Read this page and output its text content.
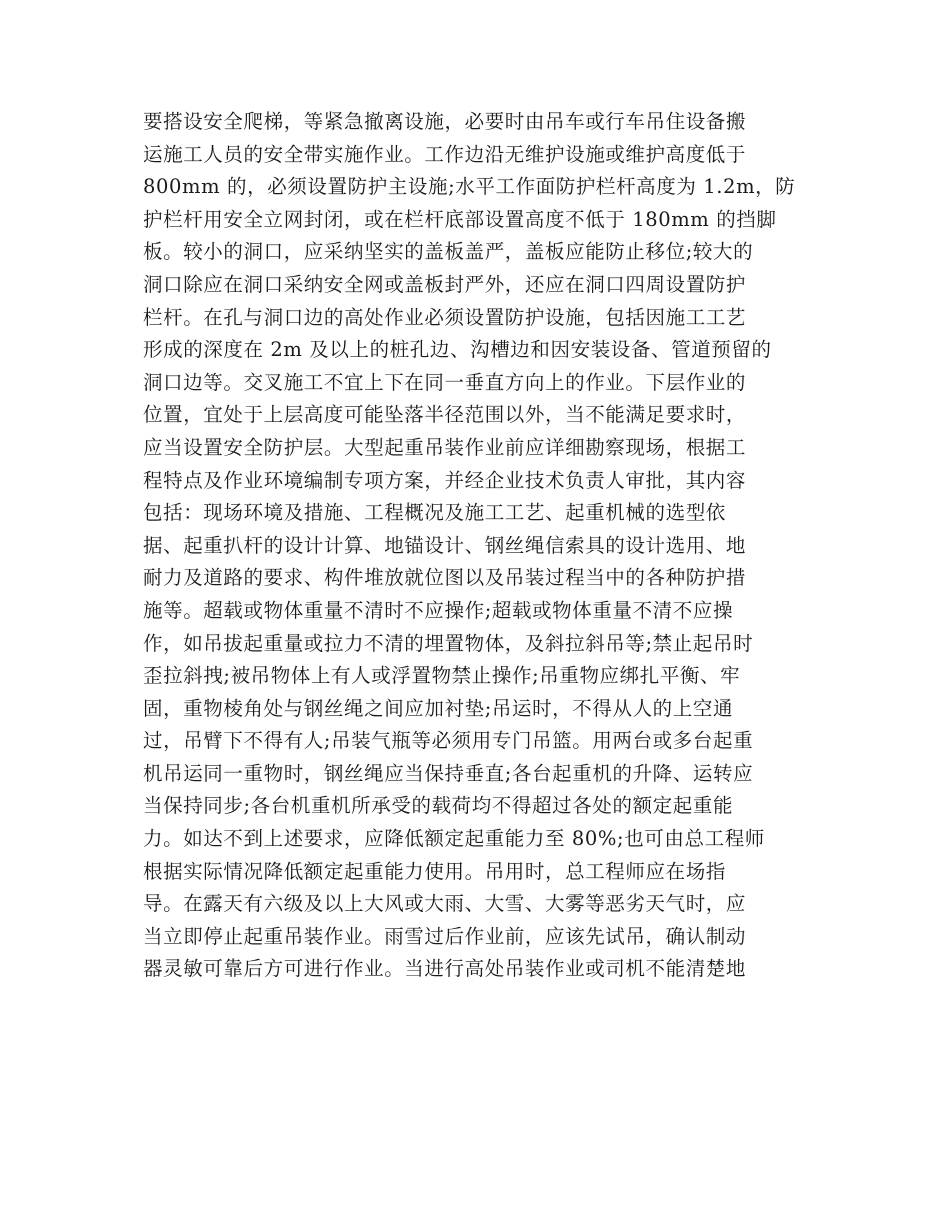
要搭设安全爬梯，等紧急撤离设施，必要时由吊车或行车吊住设备搬
运施工人员的安全带实施作业。工作边沿无维护设施或维护高度低于
800mm 的，必须设置防护主设施;水平工作面防护栏杆高度为 1.2m，防
护栏杆用安全立网封闭，或在栏杆底部设置高度不低于 180mm 的挡脚
板。较小的洞口，应采纳坚实的盖板盖严，盖板应能防止移位;较大的
洞口除应在洞口采纳安全网或盖板封严外，还应在洞口四周设置防护
栏杆。在孔与洞口边的高处作业必须设置防护设施，包括因施工工艺
形成的深度在 2m 及以上的桩孔边、沟槽边和因安装设备、管道预留的
洞口边等。交叉施工不宜上下在同一垂直方向上的作业。下层作业的
位置，宜处于上层高度可能坠落半径范围以外，当不能满足要求时，
应当设置安全防护层。大型起重吊装作业前应详细勘察现场，根据工
程特点及作业环境编制专项方案，并经企业技术负责人审批，其内容
包括：现场环境及措施、工程概况及施工工艺、起重机械的选型依
据、起重扒杆的设计计算、地锚设计、钢丝绳信索具的设计选用、地
耐力及道路的要求、构件堆放就位图以及吊装过程当中的各种防护措
施等。超载或物体重量不清时不应操作;超载或物体重量不清不应操
作，如吊拔起重量或拉力不清的埋置物体，及斜拉斜吊等;禁止起吊时
歪拉斜拽;被吊物体上有人或浮置物禁止操作;吊重物应绑扎平衡、牢
固，重物棱角处与钢丝绳之间应加衬垫;吊运时，不得从人的上空通
过，吊臂下不得有人;吊装气瓶等必须用专门吊篮。用两台或多台起重
机吊运同一重物时，钢丝绳应当保持垂直;各台起重机的升降、运转应
当保持同步;各台机重机所承受的载荷均不得超过各处的额定起重能
力。如达不到上述要求，应降低额定起重能力至 80%;也可由总工程师
根据实际情况降低额定起重能力使用。吊用时，总工程师应在场指
导。在露天有六级及以上大风或大雨、大雪、大雾等恶劣天气时，应
当立即停止起重吊装作业。雨雪过后作业前，应该先试吊，确认制动
器灵敏可靠后方可进行作业。当进行高处吊装作业或司机不能清楚地
